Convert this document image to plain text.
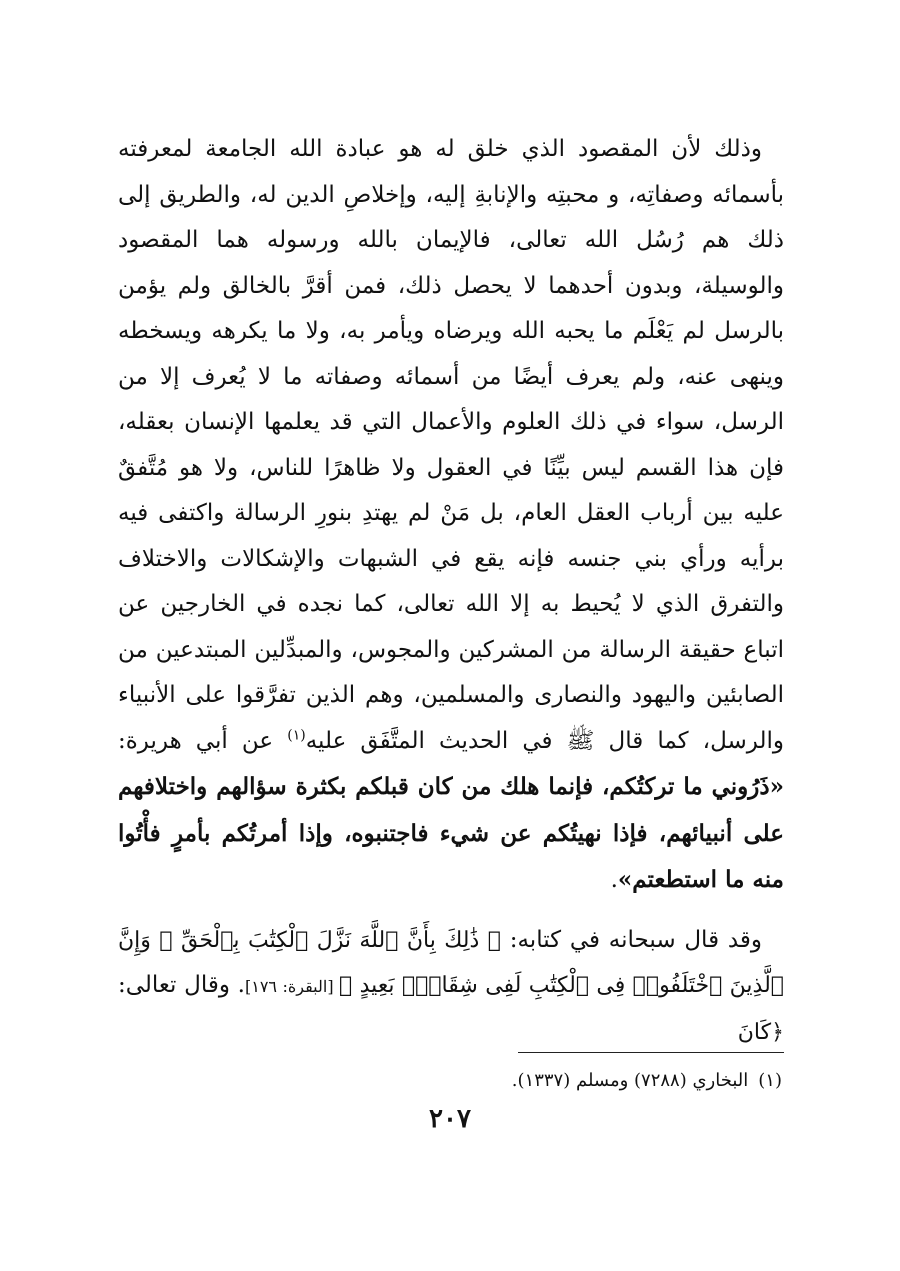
وذلك لأن المقصود الذي خلق له هو عبادة الله الجامعة لمعرفته بأسمائه وصفاتِه، و محبتِه والإنابةِ إليه، وإخلاصِ الدين له، والطريق إلى ذلك هم رُسُل الله تعالى، فالإيمان بالله ورسوله هما المقصود والوسيلة، وبدون أحدهما لا يحصل ذلك، فمن أقرَّ بالخالق ولم يؤمن بالرسل لم يَعْلَم ما يحبه الله ويرضاه ويأمر به، ولا ما يكرهه ويسخطه وينهى عنه، ولم يعرف أيضًا من أسمائه وصفاته ما لا يُعرف إلا من الرسل، سواء في ذلك العلوم والأعمال التي قد يعلمها الإنسان بعقله، فإن هذا القسم ليس بيِّنًا في العقول ولا ظاهرًا للناس، ولا هو مُتَّفقٌ عليه بين أرباب العقل العام، بل مَنْ لم يهتدِ بنورِ الرسالة واكتفى فيه برأيه ورأي بني جنسه فإنه يقع في الشبهات والإشكالات والاختلاف والتفرق الذي لا يُحيط به إلا الله تعالى، كما نجده في الخارجين عن اتباع حقيقة الرسالة من المشركين والمجوس، والمبدِّلين المبتدعين من الصابئين واليهود والنصارى والمسلمين، وهم الذين تفرَّقوا على الأنبياء والرسل، كما قال ﷺ في الحديث المتَّفَق عليه$^{(١)}$ عن أبي هريرة: «ذَرُوني ما تركتُكم، فإنما هلك من كان قبلكم بكثرة سؤالهم واختلافهم على أنبيائهم، فإذا نهيتُكم عن شيء فاجتنبوه، وإذا أمرتُكم بأمرٍ فأْتُوا منه ما استطعتم».

وقد قال سبحانه في كتابه: ﴿ ذَٰلِكَ بِأَنَّ ٱللَّهَ نَزَّلَ ٱلْكِتَٰبَ بِٱلْحَقِّ ۗ وَإِنَّ ٱلَّذِينَ ٱخْتَلَفُوا۟ فِى ٱلْكِتَٰبِ لَفِى شِقَاقٍۭ بَعِيدٍ ﴾ [البقرة: ١٧٦]. وقال تعالى: ﴿كَانَ

(١)البخاري (٧٢٨٨) ومسلم (١٣٣٧).
٢٠٧
